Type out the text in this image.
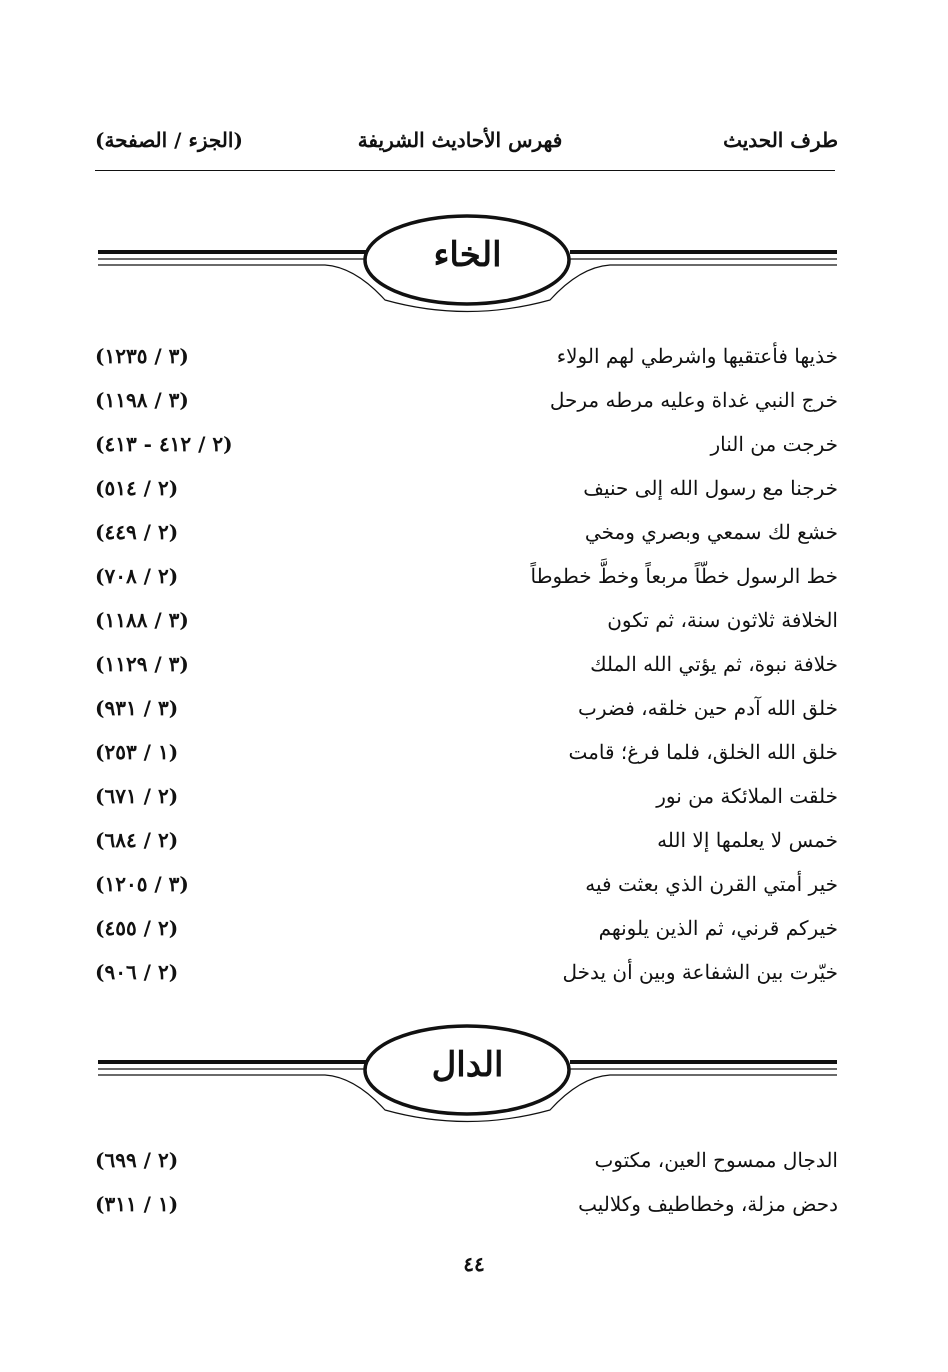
طرف الحديث
فهرس الأحاديث الشريفة
(الجزء / الصفحة)
الخاء
خذيها فأعتقيها واشرطي لهم الولاء
(٣ / ١٢٣٥)
خرج النبي غداة وعليه مرطه مرحل
(٣ / ١١٩٨)
خرجت من النار
(٢ / ٤١٢ - ٤١٣)
خرجنا مع رسول الله إلى حنيف
(٢ / ٥١٤)
خشع لك سمعي وبصري ومخي
(٢ / ٤٤٩)
خط الرسول خطّاً مربعاً وخطَّ خطوطاً
(٢ / ٧٠٨)
الخلافة ثلاثون سنة، ثم تكون
(٣ / ١١٨٨)
خلافة نبوة، ثم يؤتي الله الملك
(٣ / ١١٢٩)
خلق الله آدم حين خلقه، فضرب
(٣ / ٩٣١)
خلق الله الخلق، فلما فرغ؛ قامت
(١ / ٢٥٣)
خلقت الملائكة من نور
(٢ / ٦٧١)
خمس لا يعلمها إلا الله
(٢ / ٦٨٤)
خير أمتي القرن الذي بعثت فيه
(٣ / ١٢٠٥)
خيركم قرني، ثم الذين يلونهم
(٢ / ٤٥٥)
خيّرت بين الشفاعة وبين أن يدخل
(٢ / ٩٠٦)
الدال
الدجال ممسوح العين، مكتوب
(٢ / ٦٩٩)
دحض مزلة، وخطاطيف وكلاليب
(١ / ٣١١)
٤٤
